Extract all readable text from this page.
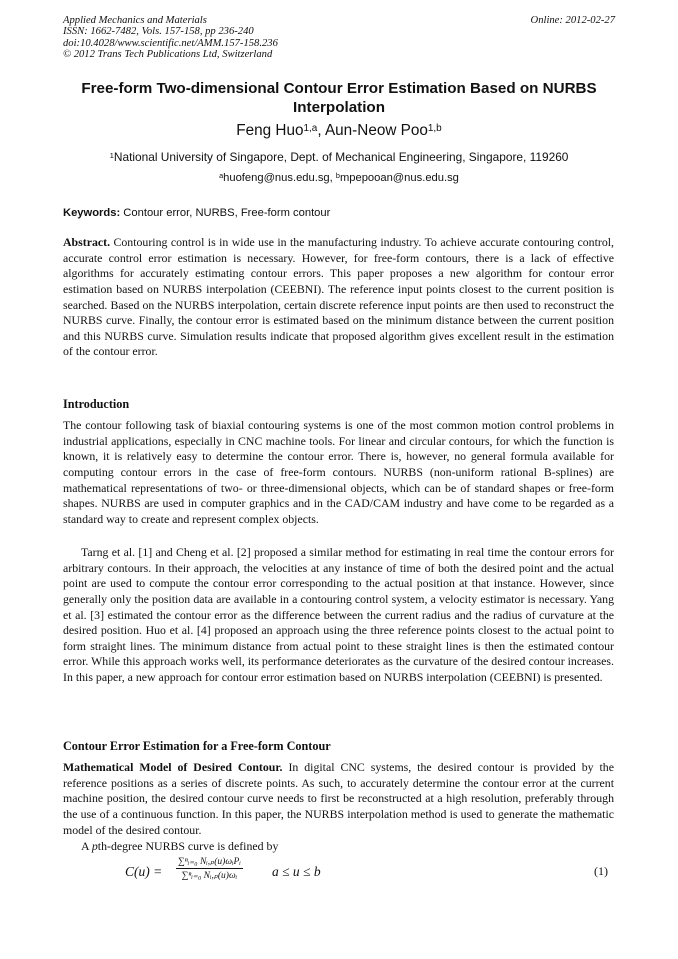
Applied Mechanics and Materials
ISSN: 1662-7482, Vols. 157-158, pp 236-240
doi:10.4028/www.scientific.net/AMM.157-158.236
© 2012 Trans Tech Publications Ltd, Switzerland
Online: 2012-02-27
Free-form Two-dimensional Contour Error Estimation Based on NURBS
Interpolation
Feng Huo$^{1,a}$, Aun-Neow Poo$^{1,b}$
$^1$National University of Singapore, Dept. of Mechanical Engineering, Singapore, 119260
$^a$huofeng@nus.edu.sg, $^b$mpepooan@nus.edu.sg
Keywords: Contour error, NURBS, Free-form contour

Abstract. Contouring control is in wide use in the manufacturing industry. To achieve accurate contouring control, accurate control error estimation is necessary. However, for free-form contours, there is a lack of effective algorithms for accurately estimating contour errors. This paper proposes a new algorithm for contour error estimation based on NURBS interpolation (CEEBNI). The reference input points closest to the current position is searched. Based on the NURBS interpolation, certain discrete reference input points are then used to reconstruct the NURBS curve. Finally, the contour error is estimated based on the minimum distance between the current position and this NURBS curve. Simulation results indicate that proposed algorithm gives excellent result in the estimation of the contour error.

Introduction

The contour following task of biaxial contouring systems is one of the most common motion control problems in industrial applications, especially in CNC machine tools. For linear and circular contours, for which the function is known, it is relatively easy to determine the contour error. There is, however, no general formula available for computing contour errors in the case of free-form contours. NURBS (non-uniform rational B-splines) are mathematical representations of two- or three-dimensional objects, which can be of standard shapes or free-form shapes. NURBS are used in computer graphics and in the CAD/CAM industry and have come to be regarded as a standard way to create and represent complex objects.

Tarng et al. [1] and Cheng et al. [2] proposed a similar method for estimating in real time the contour errors for arbitrary contours. In their approach, the velocities at any instance of time of both the desired point and the actual point are used to compute the contour error corresponding to the actual position at that instance. However, since generally only the position data are available in a contouring control system, a velocity estimator is necessary. Yang et al. [3] estimated the contour error as the difference between the current radius and the radius of curvature at the desired position. Huo et al. [4] proposed an approach using the three reference points closest to the actual point to form straight lines. The minimum distance from actual point to these straight lines is then the estimated contour error. While this approach works well, its performance deteriorates as the curvature of the desired contour increases. In this paper, a new approach for contour error estimation based on NURBS interpolation (CEEBNI) is presented.

Contour Error Estimation for a Free-form Contour

Mathematical Model of Desired Contour. In digital CNC systems, the desired contour is provided by the reference positions as a series of discrete points. As such, to accurately determine the contour error at the current machine position, the desired contour curve needs to first be reconstructed at a high resolution, preferably through the use of a continuous function. In this paper, the NURBS interpolation method is used to generate the mathematic model of the desired contour.

A pth-degree NURBS curve is defined by

C(u) =
∑ⁿᵢ₌₀ Nᵢ,ₚ(u)ωᵢPᵢ
∑ⁿᵢ₌₀ Nᵢ,ₚ(u)ωᵢ	a ≤ u ≤ b	(1)
